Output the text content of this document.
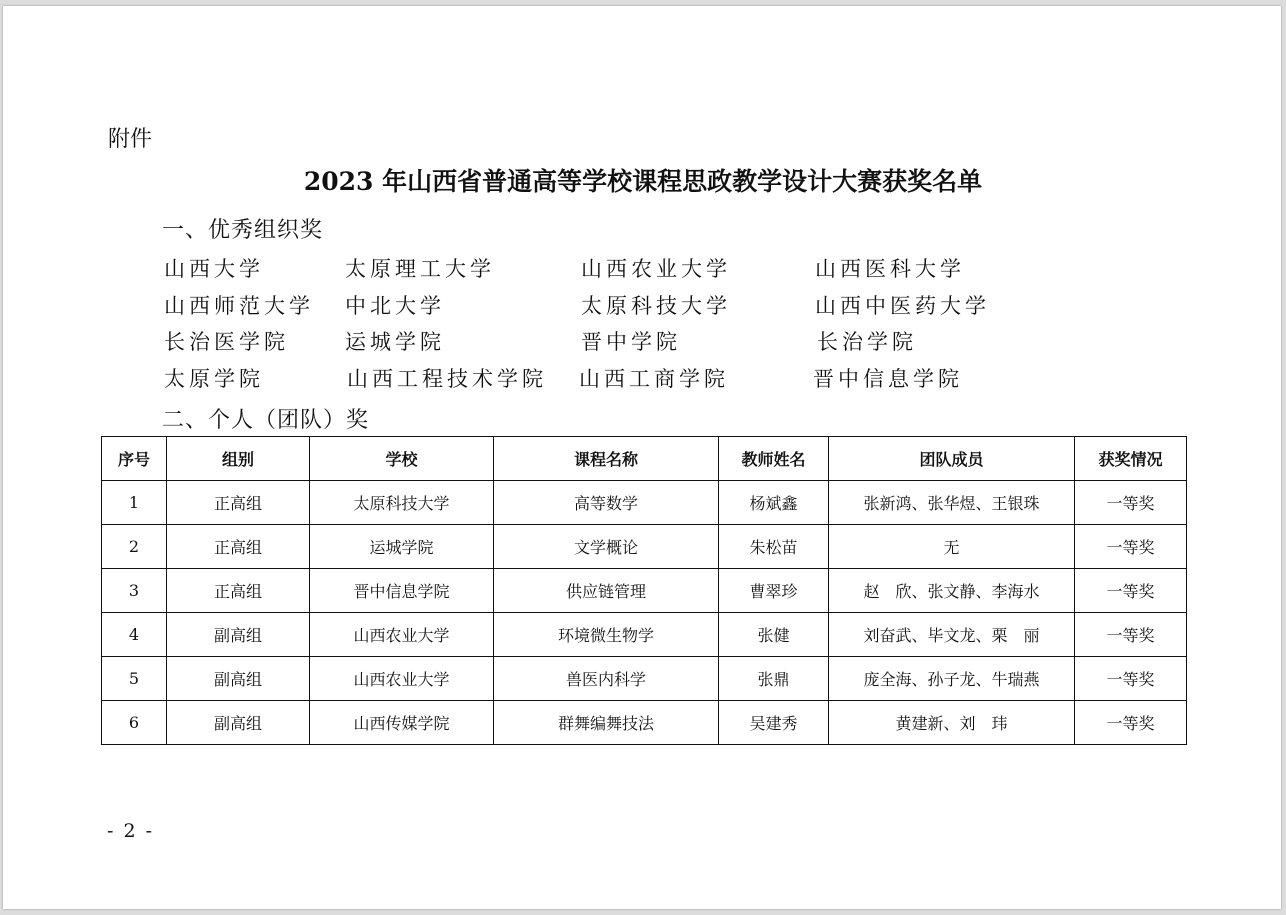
附件
2023 年山西省普通高等学校课程思政教学设计大赛获奖名单
一、优秀组织奖
山西大学	太原理工大学	山西农业大学	山西医科大学
山西师范大学 中北大学	太原科技大学	山西中医药大学
长治医学院	运城学院	晋中学院	长治学院
太原学院	山西工程技术学院 山西工商学院	晋中信息学院
二、个人（团队）奖
序号	组别	学校	课程名称	教师姓名	团队成员	获奖情况
1	正高组	太原科技大学	高等数学	杨斌鑫	张新鸿、张华煜、王银珠	一等奖
2	正高组	运城学院	文学概论	朱松苗	无	一等奖
3	正高组	晋中信息学院	供应链管理	曹翠珍	赵　欣、张文静、李海水	一等奖
4	副高组	山西农业大学	环境微生物学	张健	刘奋武、毕文龙、栗　丽	一等奖
5	副高组	山西农业大学	兽医内科学	张鼎	庞全海、孙子龙、牛瑞燕	一等奖
6	副高组	山西传媒学院	群舞编舞技法	吴建秀	黄建新、刘　玮	一等奖
- 2 -
